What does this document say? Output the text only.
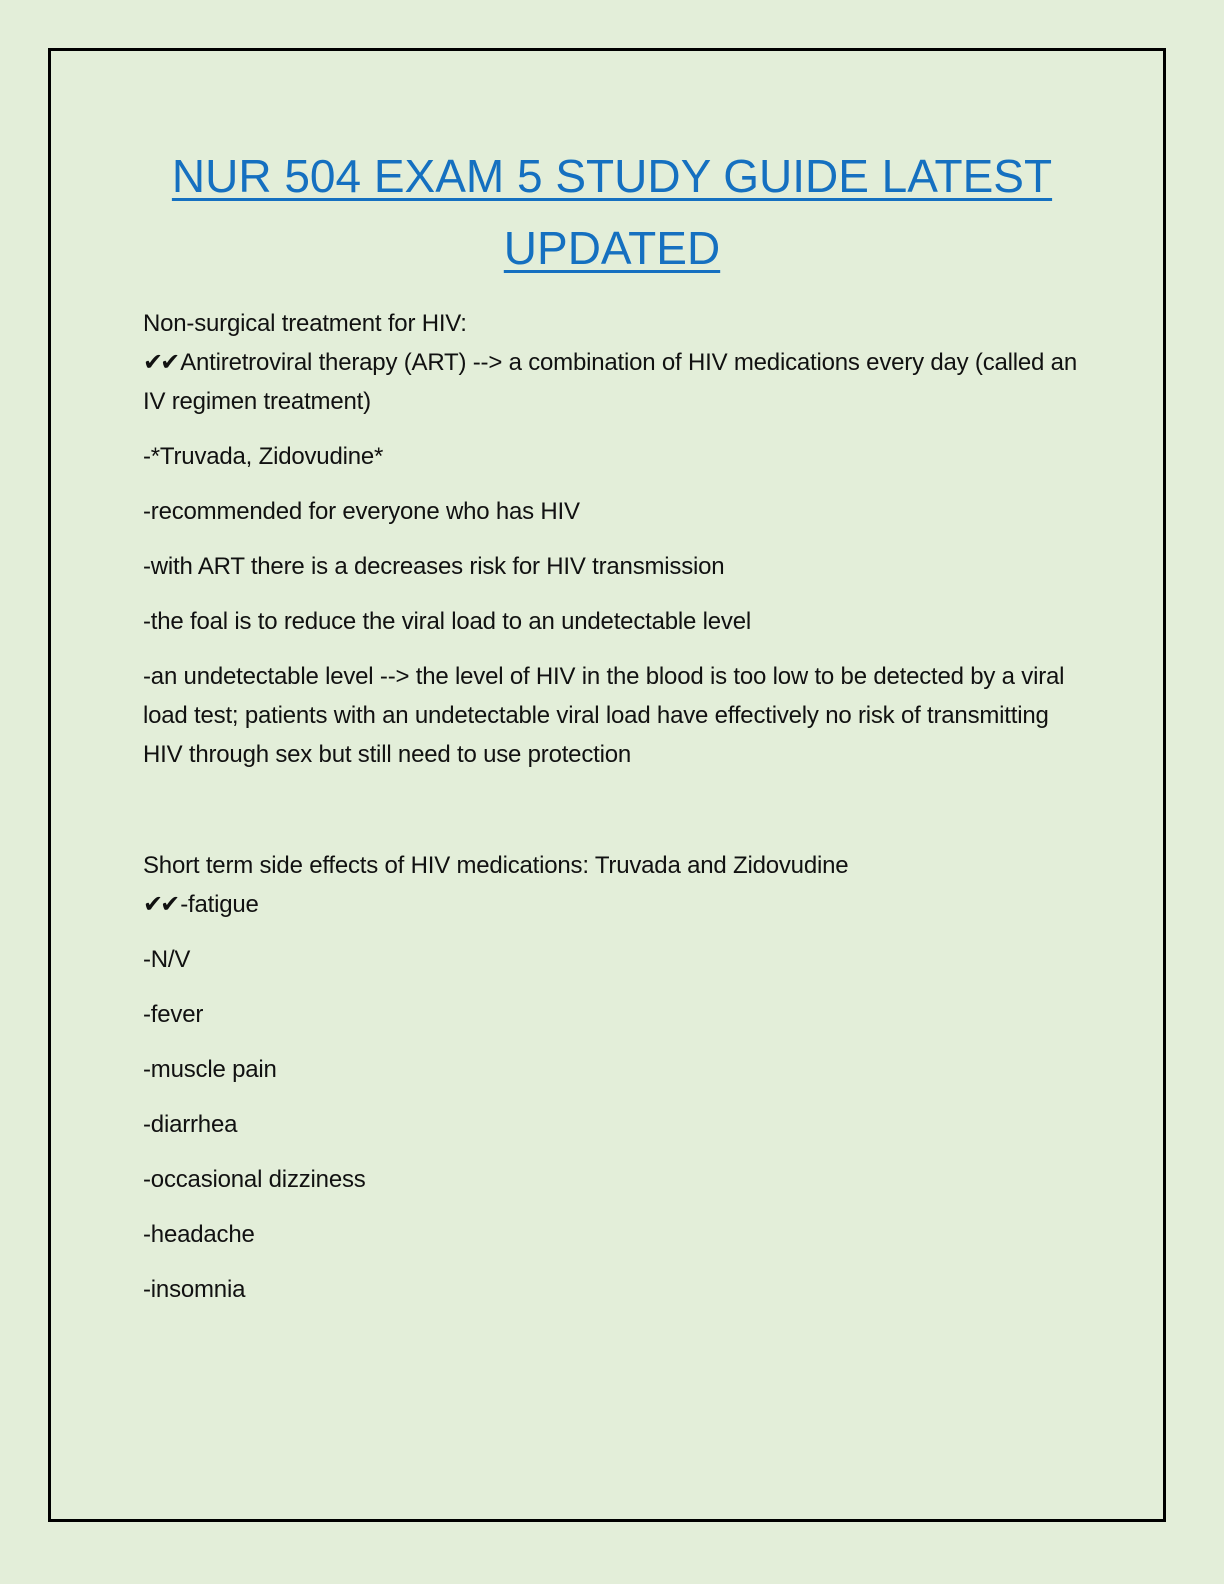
NUR 504 EXAM 5 STUDY GUIDE LATEST
UPDATED

Non-surgical treatment for HIV:

✔✔ Antiretroviral therapy (ART) --> a combination of HIV medications every day (called an IV regimen treatment)

-*Truvada, Zidovudine*

-recommended for everyone who has HIV

-with ART there is a decreases risk for HIV transmission

-the foal is to reduce the viral load to an undetectable level

-an undetectable level --> the level of HIV in the blood is too low to be detected by a viral load test; patients with an undetectable viral load have effectively no risk of transmitting HIV through sex but still need to use protection

Short term side effects of HIV medications: Truvada and Zidovudine

✔✔ -fatigue

-N/V

-fever

-muscle pain

-diarrhea

-occasional dizziness

-headache

-insomnia
